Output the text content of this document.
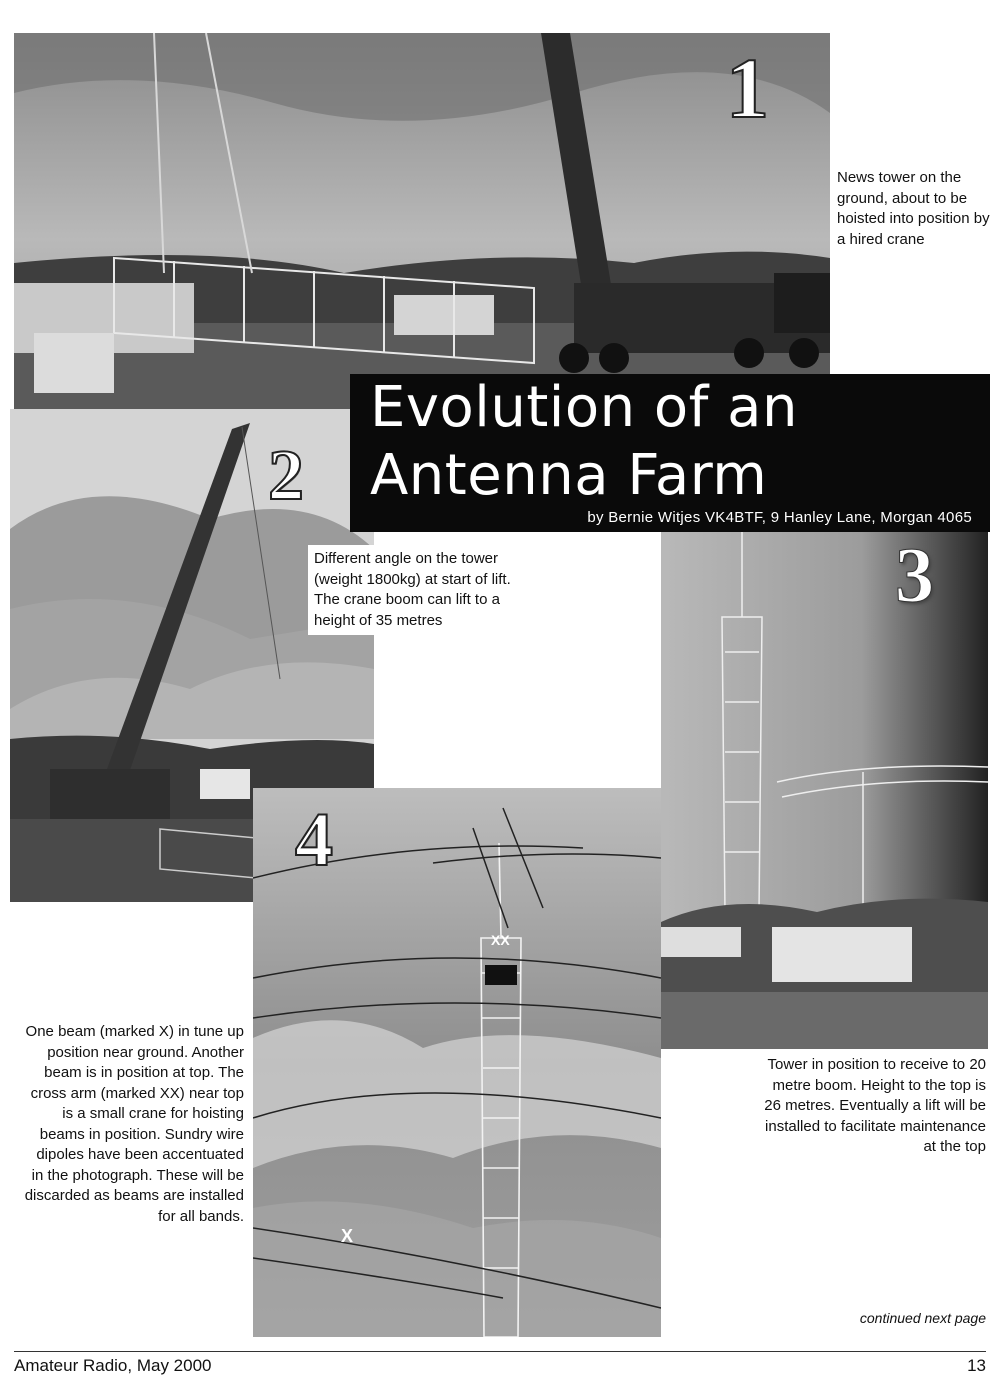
1
2
3
XX
X
4
Evolution of an
Antenna Farm
by Bernie Witjes VK4BTF, 9 Hanley Lane, Morgan 4065
News tower on the ground, about to be hoisted into position by a hired crane
Different angle on the tower (weight 1800kg) at start of lift. The crane boom can lift to a height of 35 metres
Tower in position to receive to 20 metre boom. Height to the top is 26 metres. Eventually a lift will be installed to facilitate maintenance at the top
One beam (marked X) in tune up position near ground. Another beam is in position at top. The cross arm (marked XX) near top is a small crane for hoisting beams in position. Sundry wire dipoles have been accentuated in the photograph. These will be discarded as beams are installed for all bands.
continued next page
Amateur Radio, May 2000	13
